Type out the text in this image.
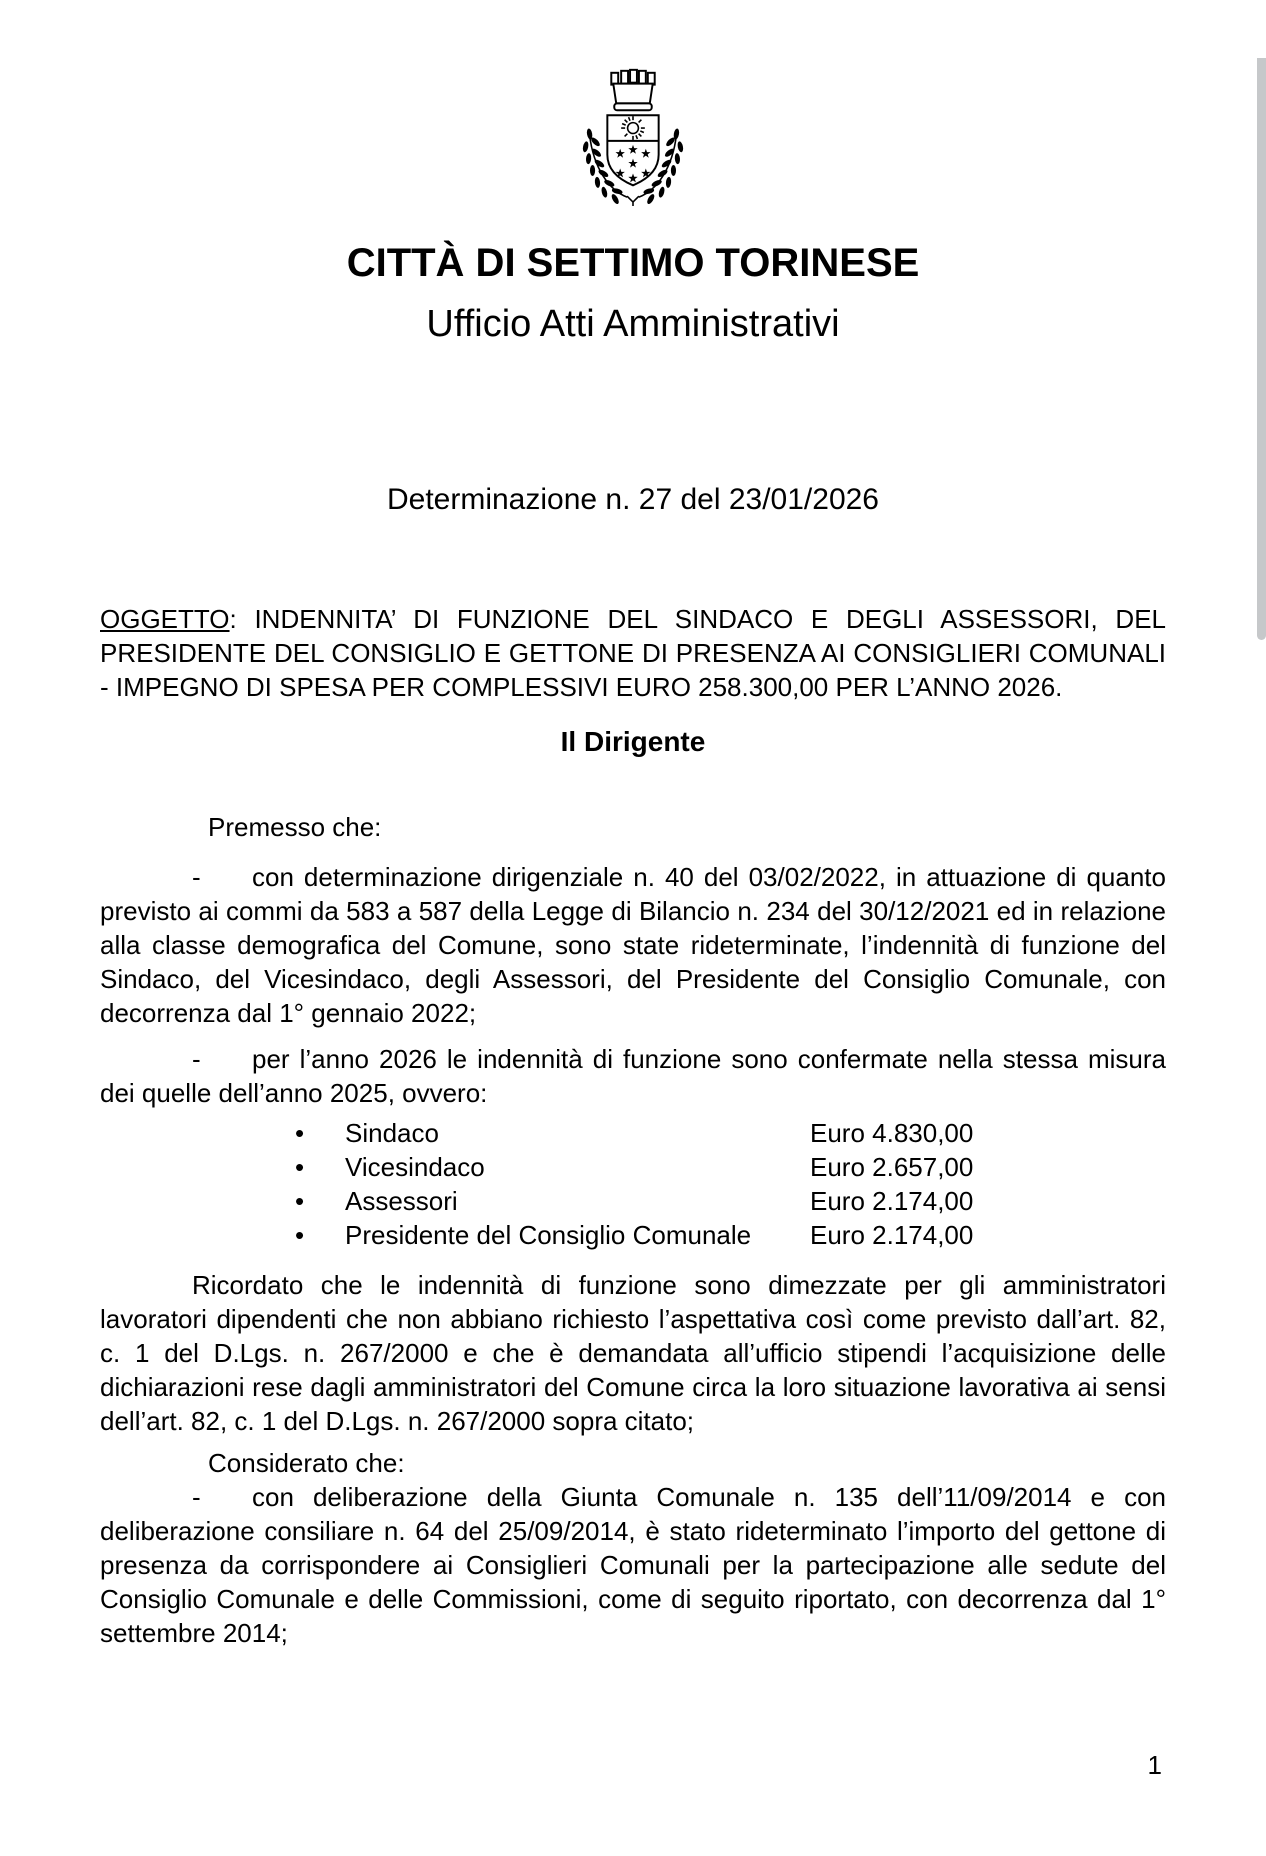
CITTÀ DI SETTIMO TORINESE

Ufficio Atti Amministrativi

Determinazione n. 27 del 23/01/2026

OGGETTO: INDENNITA’ DI FUNZIONE DEL SINDACO E DEGLI ASSESSORI, DEL PRESIDENTE DEL CONSIGLIO E GETTONE DI PRESENZA AI CONSIGLIERI COMUNALI - IMPEGNO DI SPESA PER COMPLESSIVI EURO 258.300,00 PER L’ANNO 2026.

Il Dirigente

Premesso che:

- con determinazione dirigenziale n. 40 del 03/02/2022, in attuazione di quanto previsto ai commi da 583 a 587 della Legge di Bilancio n. 234 del 30/12/2021 ed in relazione alla classe demografica del Comune, sono state rideterminate, l’indennità di funzione del Sindaco, del Vicesindaco, degli Assessori, del Presidente del Consiglio Comunale, con decorrenza dal 1° gennaio 2022;

- per l’anno 2026 le indennità di funzione sono confermate nella stessa misura dei quelle dell’anno 2025, ovvero:

• Sindaco	Euro 4.830,00
• Vicesindaco	Euro 2.657,00
• Assessori	Euro 2.174,00
• Presidente del Consiglio Comunale Euro 2.174,00

Ricordato che le indennità di funzione sono dimezzate per gli amministratori lavoratori dipendenti che non abbiano richiesto l’aspettativa così come previsto dall’art. 82, c. 1 del D.Lgs. n. 267/2000 e che è demandata all’ufficio stipendi l’acquisizione delle dichiarazioni rese dagli amministratori del Comune circa la loro situazione lavorativa ai sensi dell’art. 82, c. 1 del D.Lgs. n. 267/2000 sopra citato;

Considerato che:

- con deliberazione della Giunta Comunale n. 135 dell’11/09/2014 e con deliberazione consiliare n. 64 del 25/09/2014, è stato rideterminato l’importo del gettone di presenza da corrispondere ai Consiglieri Comunali per la partecipazione alle sedute del Consiglio Comunale e delle Commissioni, come di seguito riportato, con decorrenza dal 1° settembre 2014;

1
